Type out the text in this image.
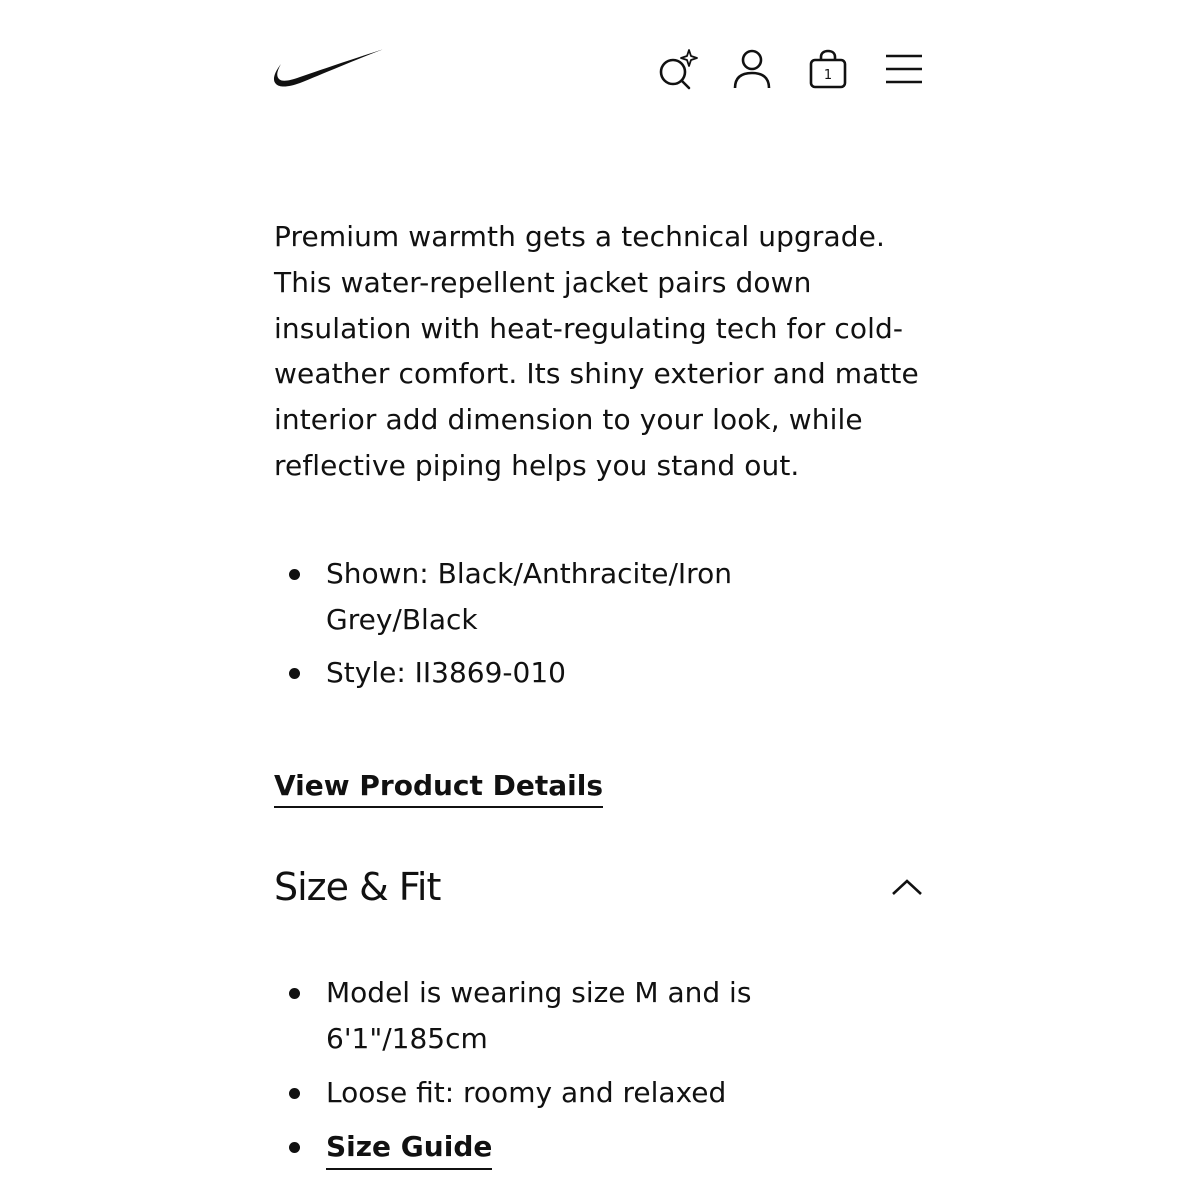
1

Premium warmth gets a technical upgrade. This water-repellent jacket pairs down insulation with heat-regulating tech for cold-weather comfort. Its shiny exterior and matte interior add dimension to your look, while reflective piping helps you stand out.

Shown: Black/Anthracite/Iron Grey/Black
Style: II3869-010
View Product Details
Size & Fit
Model is wearing size M and is 6'1"/185cm
Loose fit: roomy and relaxed
Size Guide
